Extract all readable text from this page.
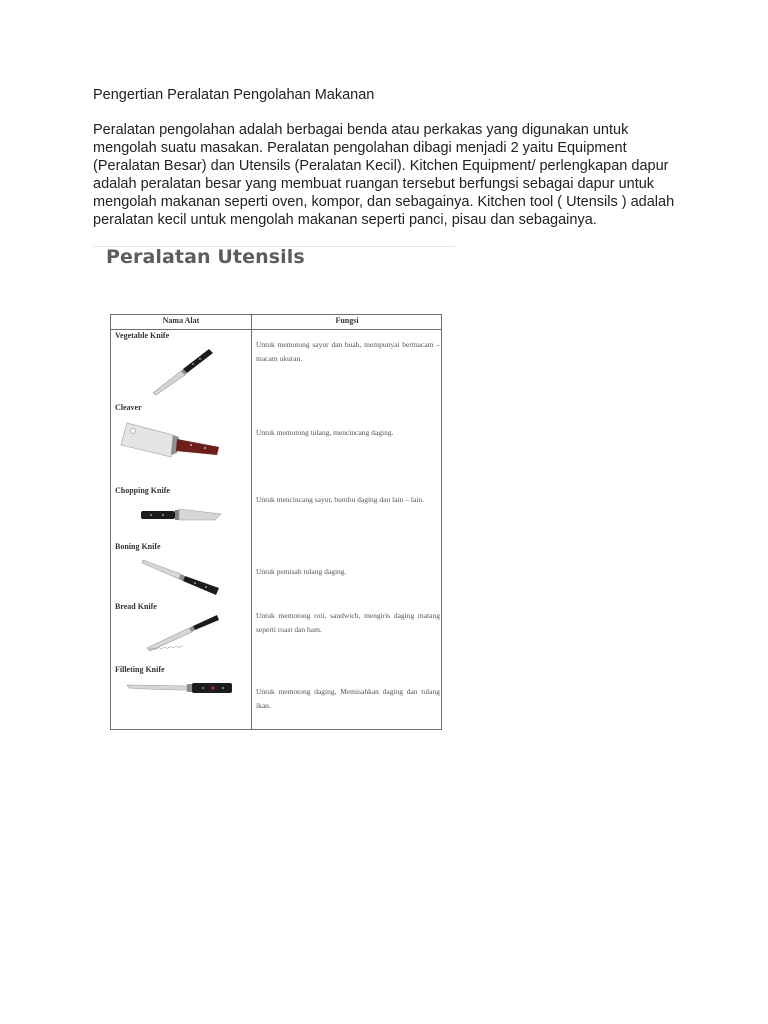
Pengertian Peralatan Pengolahan Makanan
Peralatan pengolahan adalah berbagai benda atau perkakas yang digunakan untuk
mengolah suatu masakan. Peralatan pengolahan dibagi menjadi 2 yaitu Equipment
(Peralatan Besar) dan Utensils (Peralatan Kecil). Kitchen Equipment/ perlengkapan dapur
adalah peralatan besar yang membuat ruangan tersebut berfungsi sebagai dapur untuk
mengolah makanan seperti oven, kompor, dan sebagainya. Kitchen tool ( Utensils ) adalah
peralatan kecil untuk mengolah makanan seperti panci, pisau dan sebagainya.
Peralatan Utensils
Nama Alat	Fungsi
Vegetable Knife
Untuk memotong sayur dan buah, mempunyai bermacam – macam ukuran.
Cleaver
Untuk memotong tulang, mencincang daging.
Chopping Knife
Untuk mencincang sayur, bumbu daging dan lain – lain.
Boning Knife
Untuk pemisah tulang daging.
Bread Knife
Untuk memotong roti, sandwich, mengiris daging matang seperti roast dan ham.
Filleting Knife
Untuk memotong daging, Memisahkan daging dan tulang ikan.
